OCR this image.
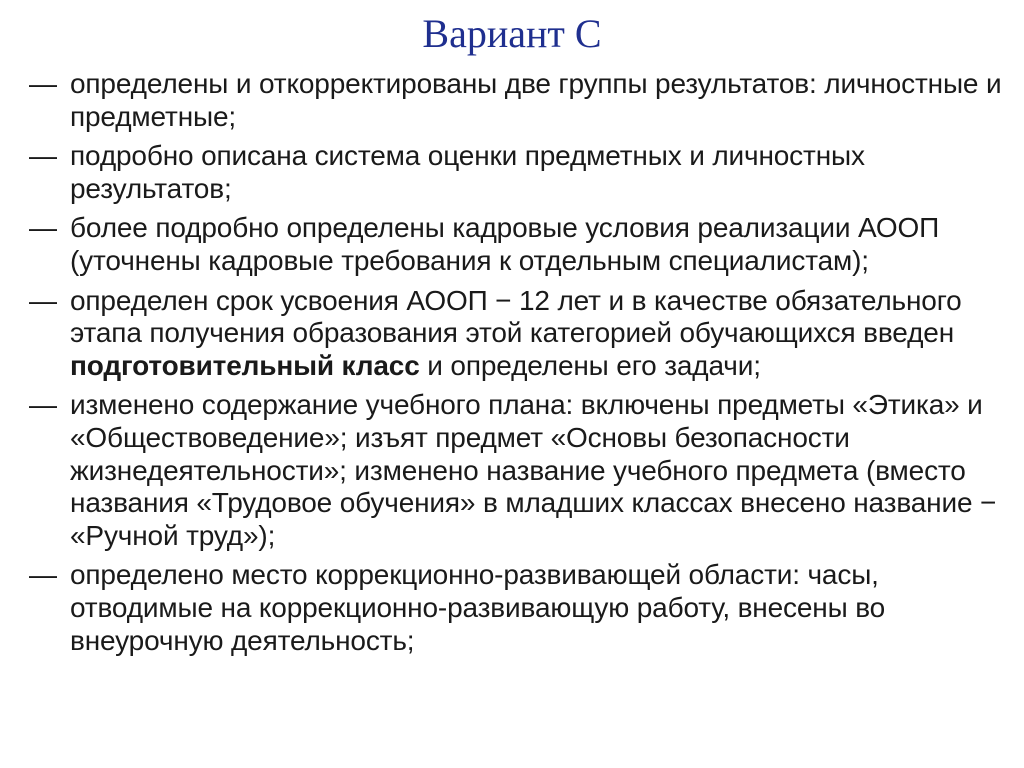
Вариант С
— определены и откорректированы две группы результатов: личностные и предметные;
— подробно описана система оценки предметных и личностных результатов;
— более подробно определены кадровые условия реализации АООП (уточнены кадровые требования к отдельным специалистам);
— определен срок усвоения АООП − 12 лет и в качестве обязательного этапа получения образования этой категорией обучающихся введен подготовительный класс и определены его задачи;
— изменено содержание учебного плана: включены предметы «Этика» и «Обществоведение»; изъят предмет «Основы безопасности жизнедеятельности»; изменено название учебного предмета (вместо названия «Трудовое обучения» в младших классах внесено название − «Ручной труд»);
— определено место коррекционно-развивающей области: часы, отводимые на коррекционно-развивающую работу, внесены во внеурочную деятельность;
